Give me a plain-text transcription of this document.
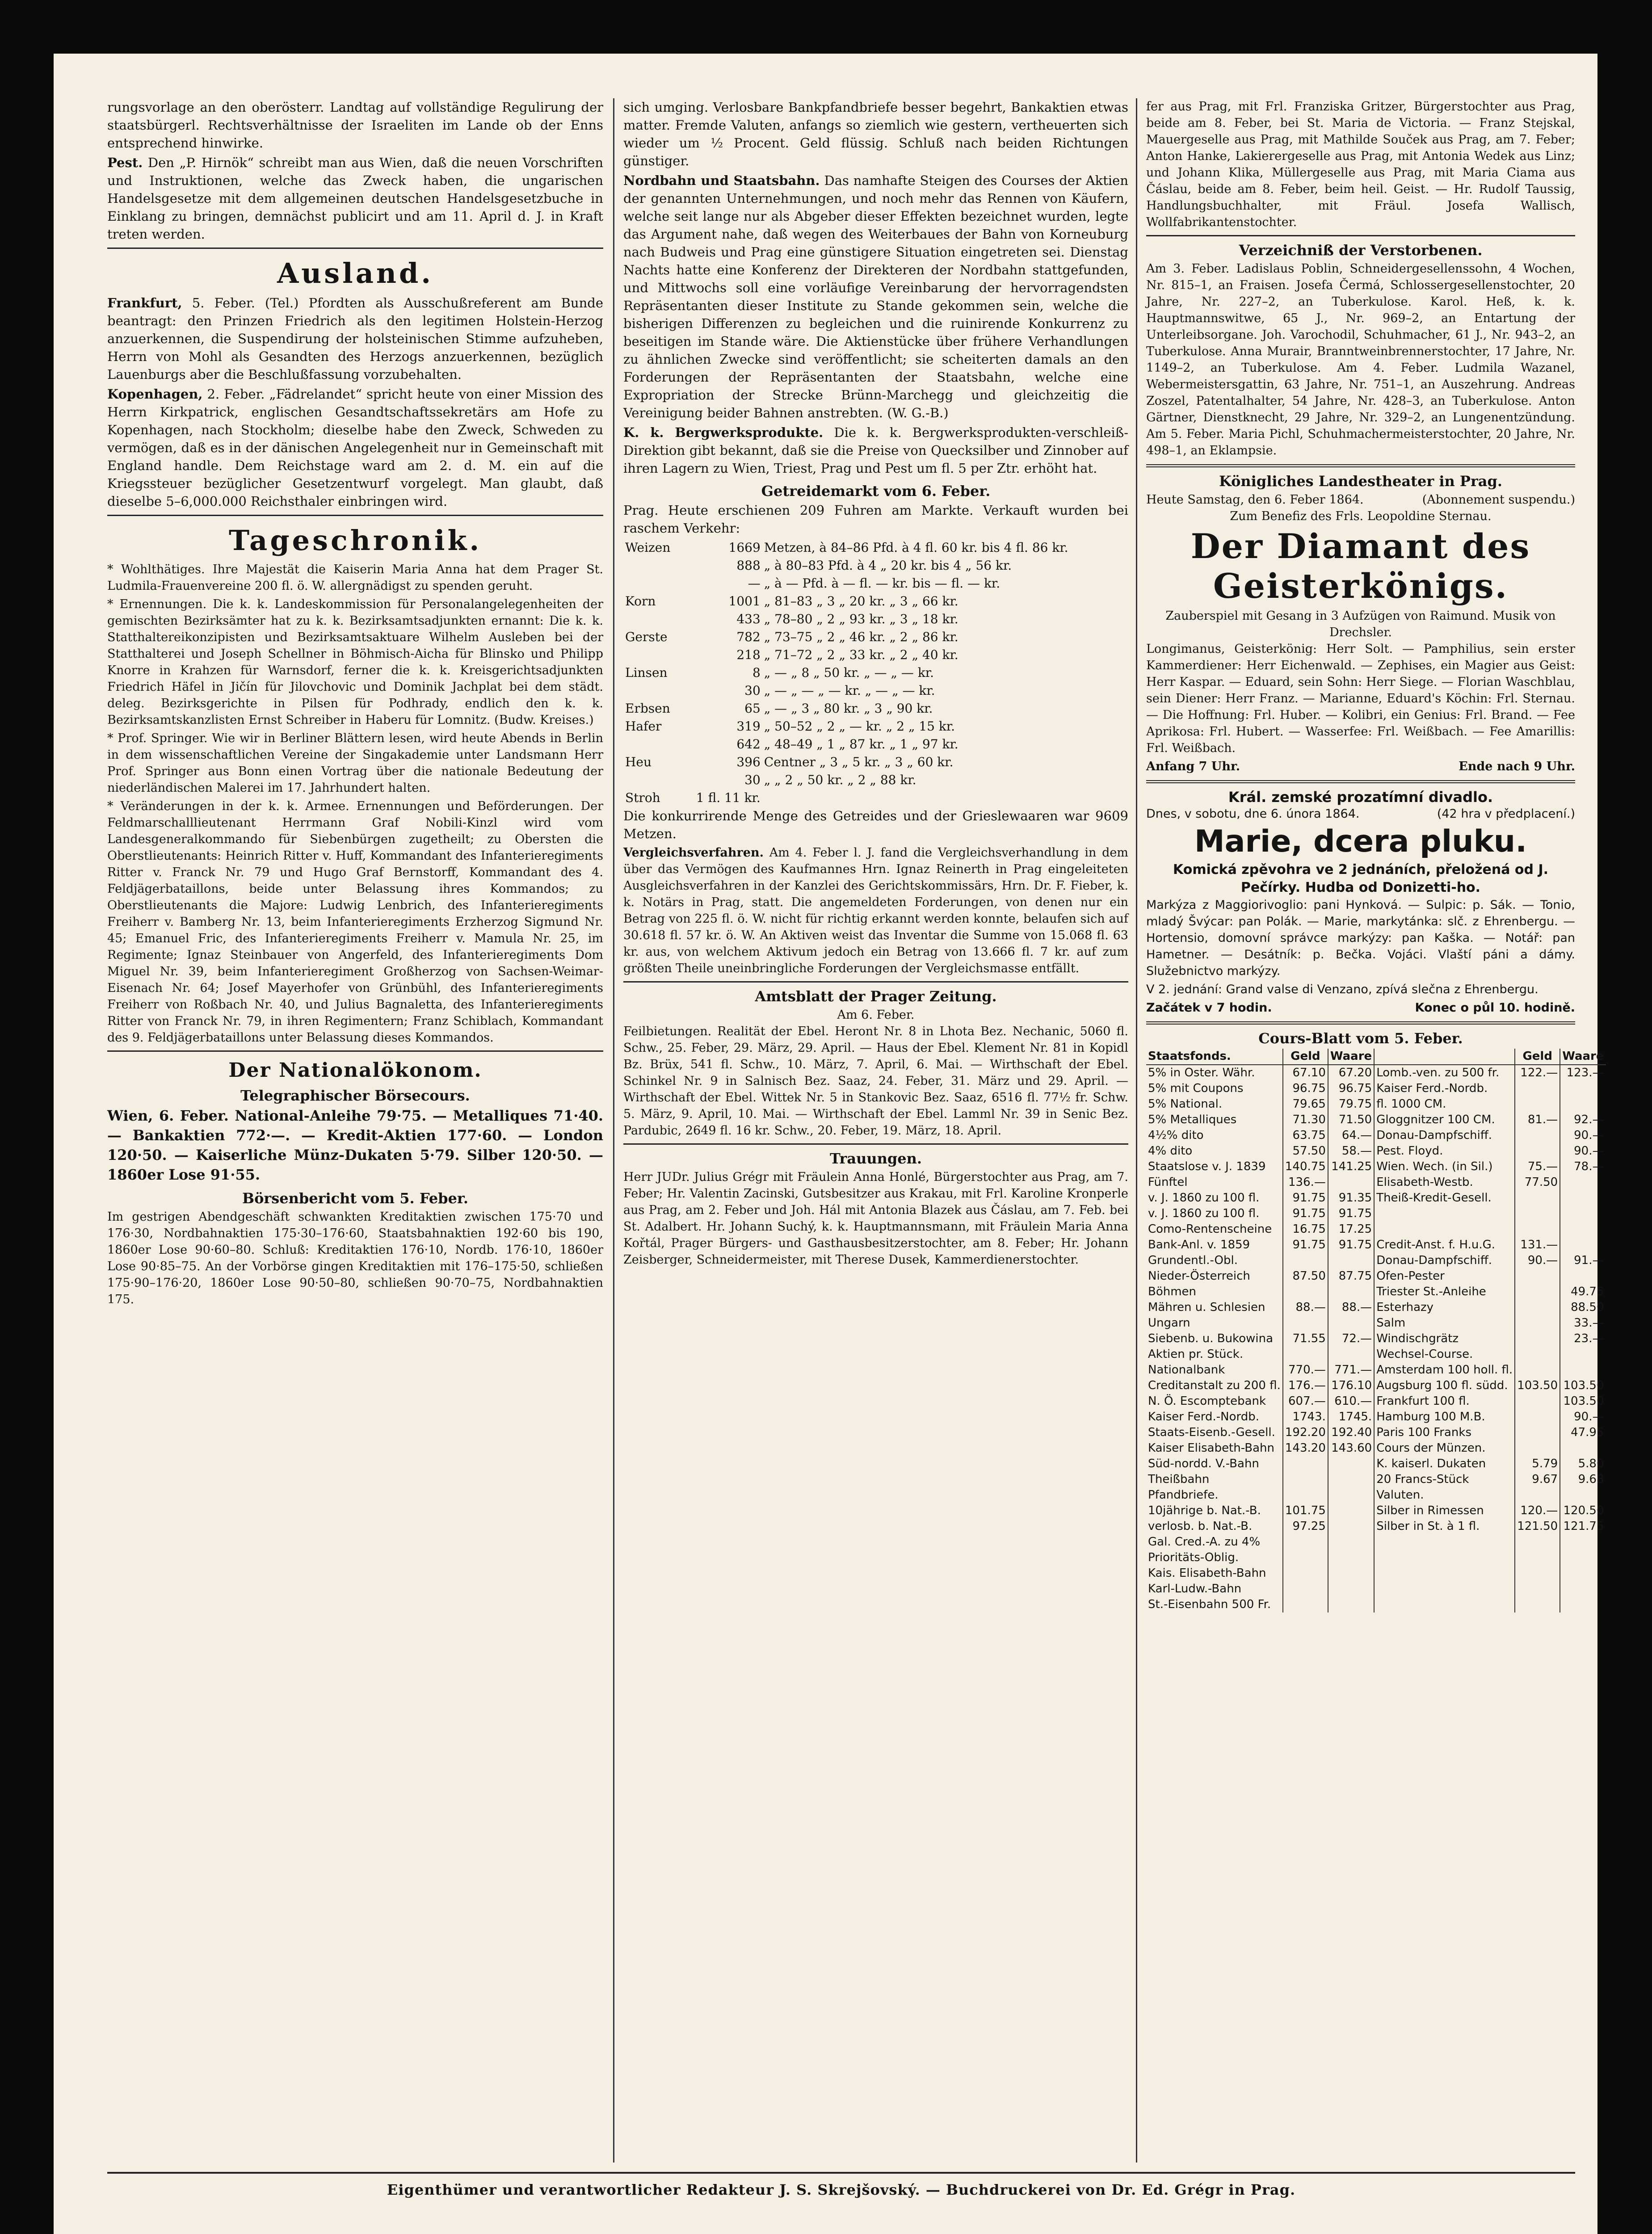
rungsvorlage an den oberösterr. Landtag auf vollständige Regulirung der staatsbürgerl. Rechtsverhältnisse der Israeliten im Lande ob der Enns entsprechend hinwirke.

Pest. Den „P. Hirnök“ schreibt man aus Wien, daß die neuen Vorschriften und Instruktionen, welche das Zweck haben, die ungarischen Handelsgesetze mit dem allgemeinen deutschen Handelsgesetzbuche in Einklang zu bringen, demnächst publicirt und am 11. April d. J. in Kraft treten werden.

Ausland.

Frankfurt, 5. Feber. (Tel.) Pfordten als Ausschußreferent am Bunde beantragt: den Prinzen Friedrich als den legitimen Holstein-Herzog anzuerkennen, die Suspendirung der holsteinischen Stimme aufzuheben, Herrn von Mohl als Gesandten des Herzogs anzuerkennen, bezüglich Lauenburgs aber die Beschlußfassung vorzubehalten.

Kopenhagen, 2. Feber. „Fädrelandet“ spricht heute von einer Mission des Herrn Kirkpatrick, englischen Gesandtschaftssekretärs am Hofe zu Kopenhagen, nach Stockholm; dieselbe habe den Zweck, Schweden zu vermögen, daß es in der dänischen Angelegenheit nur in Gemeinschaft mit England handle. Dem Reichstage ward am 2. d. M. ein auf die Kriegssteuer bezüglicher Gesetzentwurf vorgelegt. Man glaubt, daß dieselbe 5–6,000.000 Reichsthaler einbringen wird.

Tageschronik.

* Wohlthätiges. Ihre Majestät die Kaiserin Maria Anna hat dem Prager St. Ludmila-Frauenvereine 200 fl. ö. W. allergnädigst zu spenden geruht.

* Ernennungen. Die k. k. Landeskommission für Personalangelegenheiten der gemischten Bezirksämter hat zu k. k. Bezirksamtsadjunkten ernannt: Die k. k. Statthaltereikonzipisten und Bezirksamtsaktuare Wilhelm Ausleben bei der Statthalterei und Joseph Schellner in Böhmisch-Aicha für Blinsko und Philipp Knorre in Krahzen für Warnsdorf, ferner die k. k. Kreisgerichtsadjunkten Friedrich Häfel in Jičín für Jilovchovic und Dominik Jachplat bei dem städt. deleg. Bezirksgerichte in Pilsen für Podhrady, endlich den k. k. Bezirksamtskanzlisten Ernst Schreiber in Haberu für Lomnitz. (Budw. Kreises.)

* Prof. Springer. Wie wir in Berliner Blättern lesen, wird heute Abends in Berlin in dem wissenschaftlichen Vereine der Singakademie unter Landsmann Herr Prof. Springer aus Bonn einen Vortrag über die nationale Bedeutung der niederländischen Malerei im 17. Jahrhundert halten.

* Veränderungen in der k. k. Armee. Ernennungen und Beförderungen. Der Feldmarschalllieutenant Herrmann Graf Nobili-Kinzl wird vom Landesgeneralkommando für Siebenbürgen zugetheilt; zu Obersten die Oberstlieutenants: Heinrich Ritter v. Huff, Kommandant des Infanterieregiments Ritter v. Franck Nr. 79 und Hugo Graf Bernstorff, Kommandant des 4. Feldjägerbataillons, beide unter Belassung ihres Kommandos; zu Oberstlieutenants die Majore: Ludwig Lenbrich, des Infanterieregiments Freiherr v. Bamberg Nr. 13, beim Infanterieregiments Erzherzog Sigmund Nr. 45; Emanuel Fric, des Infanterieregiments Freiherr v. Mamula Nr. 25, im Regimente; Ignaz Steinbauer von Angerfeld, des Infanterieregiments Dom Miguel Nr. 39, beim Infanterieregiment Großherzog von Sachsen-Weimar-Eisenach Nr. 64; Josef Mayerhofer von Grünbühl, des Infanterieregiments Freiherr von Roßbach Nr. 40, und Julius Bagnaletta, des Infanterieregiments Ritter von Franck Nr. 79, in ihren Regimentern; Franz Schiblach, Kommandant des 9. Feldjägerbataillons unter Belassung dieses Kommandos.

Der Nationalökonom.
Telegraphischer Börsecours.

Wien, 6. Feber. National-Anleihe 79·75. — Metalliques 71·40. — Bankaktien 772·—. — Kredit-Aktien 177·60. — London 120·50. — Kaiserliche Münz-Dukaten 5·79. Silber 120·50. — 1860er Lose 91·55.

Börsenbericht vom 5. Feber.

Im gestrigen Abendgeschäft schwankten Kreditaktien zwischen 175·70 und 176·30, Nordbahnaktien 175·30–176·60, Staatsbahnaktien 192·60 bis 190, 1860er Lose 90·60–80. Schluß: Kreditaktien 176·10, Nordb. 176·10, 1860er Lose 90·85–75. An der Vorbörse gingen Kreditaktien mit 176–175·50, schließen 175·90–176·20, 1860er Lose 90·50–80, schließen 90·70–75, Nordbahnaktien 175.

sich umging. Verlosbare Bankpfandbriefe besser begehrt, Bankaktien etwas matter. Fremde Valuten, anfangs so ziemlich wie gestern, vertheuerten sich wieder um ½ Procent. Geld flüssig. Schluß nach beiden Richtungen günstiger.

Nordbahn und Staatsbahn. Das namhafte Steigen des Courses der Aktien der genannten Unternehmungen, und noch mehr das Rennen von Käufern, welche seit lange nur als Abgeber dieser Effekten bezeichnet wurden, legte das Argument nahe, daß wegen des Weiterbaues der Bahn von Korneuburg nach Budweis und Prag eine günstigere Situation eingetreten sei. Dienstag Nachts hatte eine Konferenz der Direkteren der Nordbahn stattgefunden, und Mittwochs soll eine vorläufige Vereinbarung der hervorragendsten Repräsentanten dieser Institute zu Stande gekommen sein, welche die bisherigen Differenzen zu begleichen und die ruinirende Konkurrenz zu beseitigen im Stande wäre. Die Aktienstücke über frühere Verhandlungen zu ähnlichen Zwecke sind veröffentlicht; sie scheiterten damals an den Forderungen der Repräsentanten der Staatsbahn, welche eine Expropriation der Strecke Brünn-Marchegg und gleichzeitig die Vereinigung beider Bahnen anstrebten. (W. G.-B.)

K. k. Bergwerksprodukte. Die k. k. Bergwerksprodukten-verschleiß-Direktion gibt bekannt, daß sie die Preise von Quecksilber und Zinnober auf ihren Lagern zu Wien, Triest, Prag und Pest um fl. 5 per Ztr. erhöht hat.

Getreidemarkt vom 6. Feber.

Prag. Heute erschienen 209 Fuhren am Markte. Verkauft wurden bei raschem Verkehr:

Weizen	1669	Metzen, à 84–86 Pfd. à 4 fl. 60 kr. bis 4 fl. 86 kr.
	888	„ à 80–83 Pfd. à 4 „ 20 kr. bis 4 „ 56 kr.
	—	„ à — Pfd. à — fl. — kr. bis — fl. — kr.
Korn	1001	„ 81–83 „ 3 „ 20 kr. „ 3 „ 66 kr.
	433	„ 78–80 „ 2 „ 93 kr. „ 3 „ 18 kr.
Gerste	782	„ 73–75 „ 2 „ 46 kr. „ 2 „ 86 kr.
	218	„ 71–72 „ 2 „ 33 kr. „ 2 „ 40 kr.
Linsen	8	„ — „ 8 „ 50 kr. „ — „ — kr.
	30	„ — „ — „ — kr. „ — „ — kr.
Erbsen	65	„ — „ 3 „ 80 kr. „ 3 „ 90 kr.
Hafer	319	„ 50–52 „ 2 „ — kr. „ 2 „ 15 kr.
	642	„ 48–49 „ 1 „ 87 kr. „ 1 „ 97 kr.
Heu	396	Centner „ 3 „ 5 kr. „ 3 „ 60 kr.
	30	„ „ 2 „ 50 kr. „ 2 „ 88 kr.
Stroh	1 fl. 11 kr.	

Die konkurrirende Menge des Getreides und der Grieslewaaren war 9609 Metzen.

Vergleichsverfahren. Am 4. Feber l. J. fand die Vergleichsverhandlung in dem über das Vermögen des Kaufmannes Hrn. Ignaz Reinerth in Prag eingeleiteten Ausgleichsverfahren in der Kanzlei des Gerichtskommissärs, Hrn. Dr. F. Fieber, k. k. Notärs in Prag, statt. Die angemeldeten Forderungen, von denen nur ein Betrag von 225 fl. ö. W. nicht für richtig erkannt werden konnte, belaufen sich auf 30.618 fl. 57 kr. ö. W. An Aktiven weist das Inventar die Summe von 15.068 fl. 63 kr. aus, von welchem Aktivum jedoch ein Betrag von 13.666 fl. 7 kr. auf zum größten Theile uneinbringliche Forderungen der Vergleichsmasse entfällt.

Amtsblatt der Prager Zeitung.
Am 6. Feber.

Feilbietungen. Realität der Ebel. Heront Nr. 8 in Lhota Bez. Nechanic, 5060 fl. Schw., 25. Feber, 29. März, 29. April. — Haus der Ebel. Klement Nr. 81 in Kopidl Bz. Brüx, 541 fl. Schw., 10. März, 7. April, 6. Mai. — Wirthschaft der Ebel. Schinkel Nr. 9 in Salnisch Bez. Saaz, 24. Feber, 31. März und 29. April. — Wirthschaft der Ebel. Wittek Nr. 5 in Stankovic Bez. Saaz, 6516 fl. 77½ fr. Schw. 5. März, 9. April, 10. Mai. — Wirthschaft der Ebel. Lamml Nr. 39 in Senic Bez. Pardubic, 2649 fl. 16 kr. Schw., 20. Feber, 19. März, 18. April.

Trauungen.

Herr JUDr. Julius Grégr mit Fräulein Anna Honlé, Bürgerstochter aus Prag, am 7. Feber; Hr. Valentin Zacinski, Gutsbesitzer aus Krakau, mit Frl. Karoline Kronperle aus Prag, am 2. Feber und Joh. Hál mit Antonia Blazek aus Čáslau, am 7. Feb. bei St. Adalbert. Hr. Johann Suchý, k. k. Hauptmannsmann, mit Fräulein Maria Anna Kořtál, Prager Bürgers- und Gasthausbesitzerstochter, am 8. Feber; Hr. Johann Zeisberger, Schneidermeister, mit Therese Dusek, Kammerdienerstochter.

fer aus Prag, mit Frl. Franziska Gritzer, Bürgerstochter aus Prag, beide am 8. Feber, bei St. Maria de Victoria. — Franz Stejskal, Mauergeselle aus Prag, mit Mathilde Souček aus Prag, am 7. Feber; Anton Hanke, Lakierergeselle aus Prag, mit Antonia Wedek aus Linz; und Johann Klika, Müllergeselle aus Prag, mit Maria Ciama aus Čáslau, beide am 8. Feber, beim heil. Geist. — Hr. Rudolf Taussig, Handlungsbuchhalter, mit Fräul. Josefa Wallisch, Wollfabrikantenstochter.

Verzeichniß der Verstorbenen.

Am 3. Feber. Ladislaus Poblin, Schneidergesellenssohn, 4 Wochen, Nr. 815–1, an Fraisen. Josefa Čermá, Schlossergesellenstochter, 20 Jahre, Nr. 227–2, an Tuberkulose. Karol. Heß, k. k. Hauptmannswitwe, 65 J., Nr. 969–2, an Entartung der Unterleibsorgane. Joh. Varochodil, Schuhmacher, 61 J., Nr. 943–2, an Tuberkulose. Anna Murair, Branntweinbrennerstochter, 17 Jahre, Nr. 1149–2, an Tuberkulose. Am 4. Feber. Ludmila Wazanel, Webermeistersgattin, 63 Jahre, Nr. 751–1, an Auszehrung. Andreas Zoszel, Patentalhalter, 54 Jahre, Nr. 428–3, an Tuberkulose. Anton Gärtner, Dienstknecht, 29 Jahre, Nr. 329–2, an Lungenentzündung. Am 5. Feber. Maria Pichl, Schuhmachermeisterstochter, 20 Jahre, Nr. 498–1, an Eklampsie.

Königliches Landestheater in Prag.
Heute Samstag, den 6. Feber 1864.	(Abonnement suspendu.)
Zum Benefiz des Frls. Leopoldine Sternau.
Der Diamant des Geisterkönigs.
Zauberspiel mit Gesang in 3 Aufzügen von Raimund. Musik von Drechsler.

Longimanus, Geisterkönig: Herr Solt. — Pamphilius, sein erster Kammerdiener: Herr Eichenwald. — Zephises, ein Magier aus Geist: Herr Kaspar. — Eduard, sein Sohn: Herr Siege. — Florian Waschblau, sein Diener: Herr Franz. — Marianne, Eduard's Köchin: Frl. Sternau. — Die Hoffnung: Frl. Huber. — Kolibri, ein Genius: Frl. Brand. — Fee Aprikosa: Frl. Hubert. — Wasserfee: Frl. Weißbach. — Fee Amarillis: Frl. Weißbach.

Anfang 7 Uhr.	Ende nach 9 Uhr.
Král. zemské prozatímní divadlo.
Dnes, v sobotu, dne 6. února 1864.	(42 hra v předplacení.)
Marie, dcera pluku.
Komická zpěvohra ve 2 jednáních, přeložená od J. Pečírky. Hudba od Donizetti-ho.

Markýza z Maggiorivoglio: pani Hynková. — Sulpic: p. Sák. — Tonio, mladý Švýcar: pan Polák. — Marie, markytánka: slč. z Ehrenbergu. — Hortensio, domovní správce markýzy: pan Kaška. — Notář: pan Hametner. — Desátník: p. Bečka. Vojáci. Vlaští páni a dámy. Služebnictvo markýzy.

V 2. jednání: Grand valse di Venzano, zpívá slečna z Ehrenbergu.

Začátek v 7 hodin.	Konec o půl 10. hodině.
Cours-Blatt vom 5. Feber.
Staatsfonds.	Geld	Waare		Geld	Waare
5% in Oster. Währ.	67.10	67.20	Lomb.-ven. zu 500 fr.	122.—	123.—
5% mit Coupons	96.75	96.75	Kaiser Ferd.-Nordb.		
5% National.	79.65	79.75	fl. 1000 CM.		
5% Metalliques	71.30	71.50	Gloggnitzer 100 CM.	81.—	92.—
4½% dito	63.75	64.—	Donau-Dampfschiff.		90.—
4% dito	57.50	58.—	Pest. Floyd.		90.—
Staatslose v. J. 1839	140.75	141.25	Wien. Wech. (in Sil.)	75.—	78.—
Fünftel	136.—		Elisabeth-Westb.	77.50	
v. J. 1860 zu 100 fl.	91.75	91.35	Theiß-Kredit-Gesell.		
v. J. 1860 zu 100 fl.	91.75	91.75			
Como-Rentenscheine	16.75	17.25			
Bank-Anl. v. 1859	91.75	91.75	Credit-Anst. f. H.u.G.	131.—	
Grundentl.-Obl.			Donau-Dampfschiff.	90.—	91.—
Nieder-Österreich	87.50	87.75	Ofen-Pester		
Böhmen			Triester St.-Anleihe		49.75
Mähren u. Schlesien	88.—	88.—	Esterhazy		88.50
Ungarn			Salm		33.—
Siebenb. u. Bukowina	71.55	72.—	Windischgrätz		23.—
Aktien pr. Stück.			Wechsel-Course.		
Nationalbank	770.—	771.—	Amsterdam 100 holl. fl.		
Creditanstalt zu 200 fl.	176.—	176.10	Augsburg 100 fl. südd.	103.50	103.50
N. Ö. Escomptebank	607.—	610.—	Frankfurt 100 fl.		103.50
Kaiser Ferd.-Nordb.	1743.	1745.	Hamburg 100 M.B.		90.—
Staats-Eisenb.-Gesell.	192.20	192.40	Paris 100 Franks		47.95
Kaiser Elisabeth-Bahn	143.20	143.60	Cours der Münzen.		
Süd-nordd. V.-Bahn			K. kaiserl. Dukaten	5.79	5.80
Theißbahn			20 Francs-Stück	9.67	9.68
Pfandbriefe.			Valuten.		
10jährige b. Nat.-B.	101.75		Silber in Rimessen	120.—	120.50
verlosb. b. Nat.-B.	97.25		Silber in St. à 1 fl.	121.50	121.75
Gal. Cred.-A. zu 4%					
Prioritäts-Oblig.					
Kais. Elisabeth-Bahn					
Karl-Ludw.-Bahn					
St.-Eisenbahn 500 Fr.					
Eigenthümer und verantwortlicher Redakteur J. S. Skrejšovský. — Buchdruckerei von Dr. Ed. Grégr in Prag.
